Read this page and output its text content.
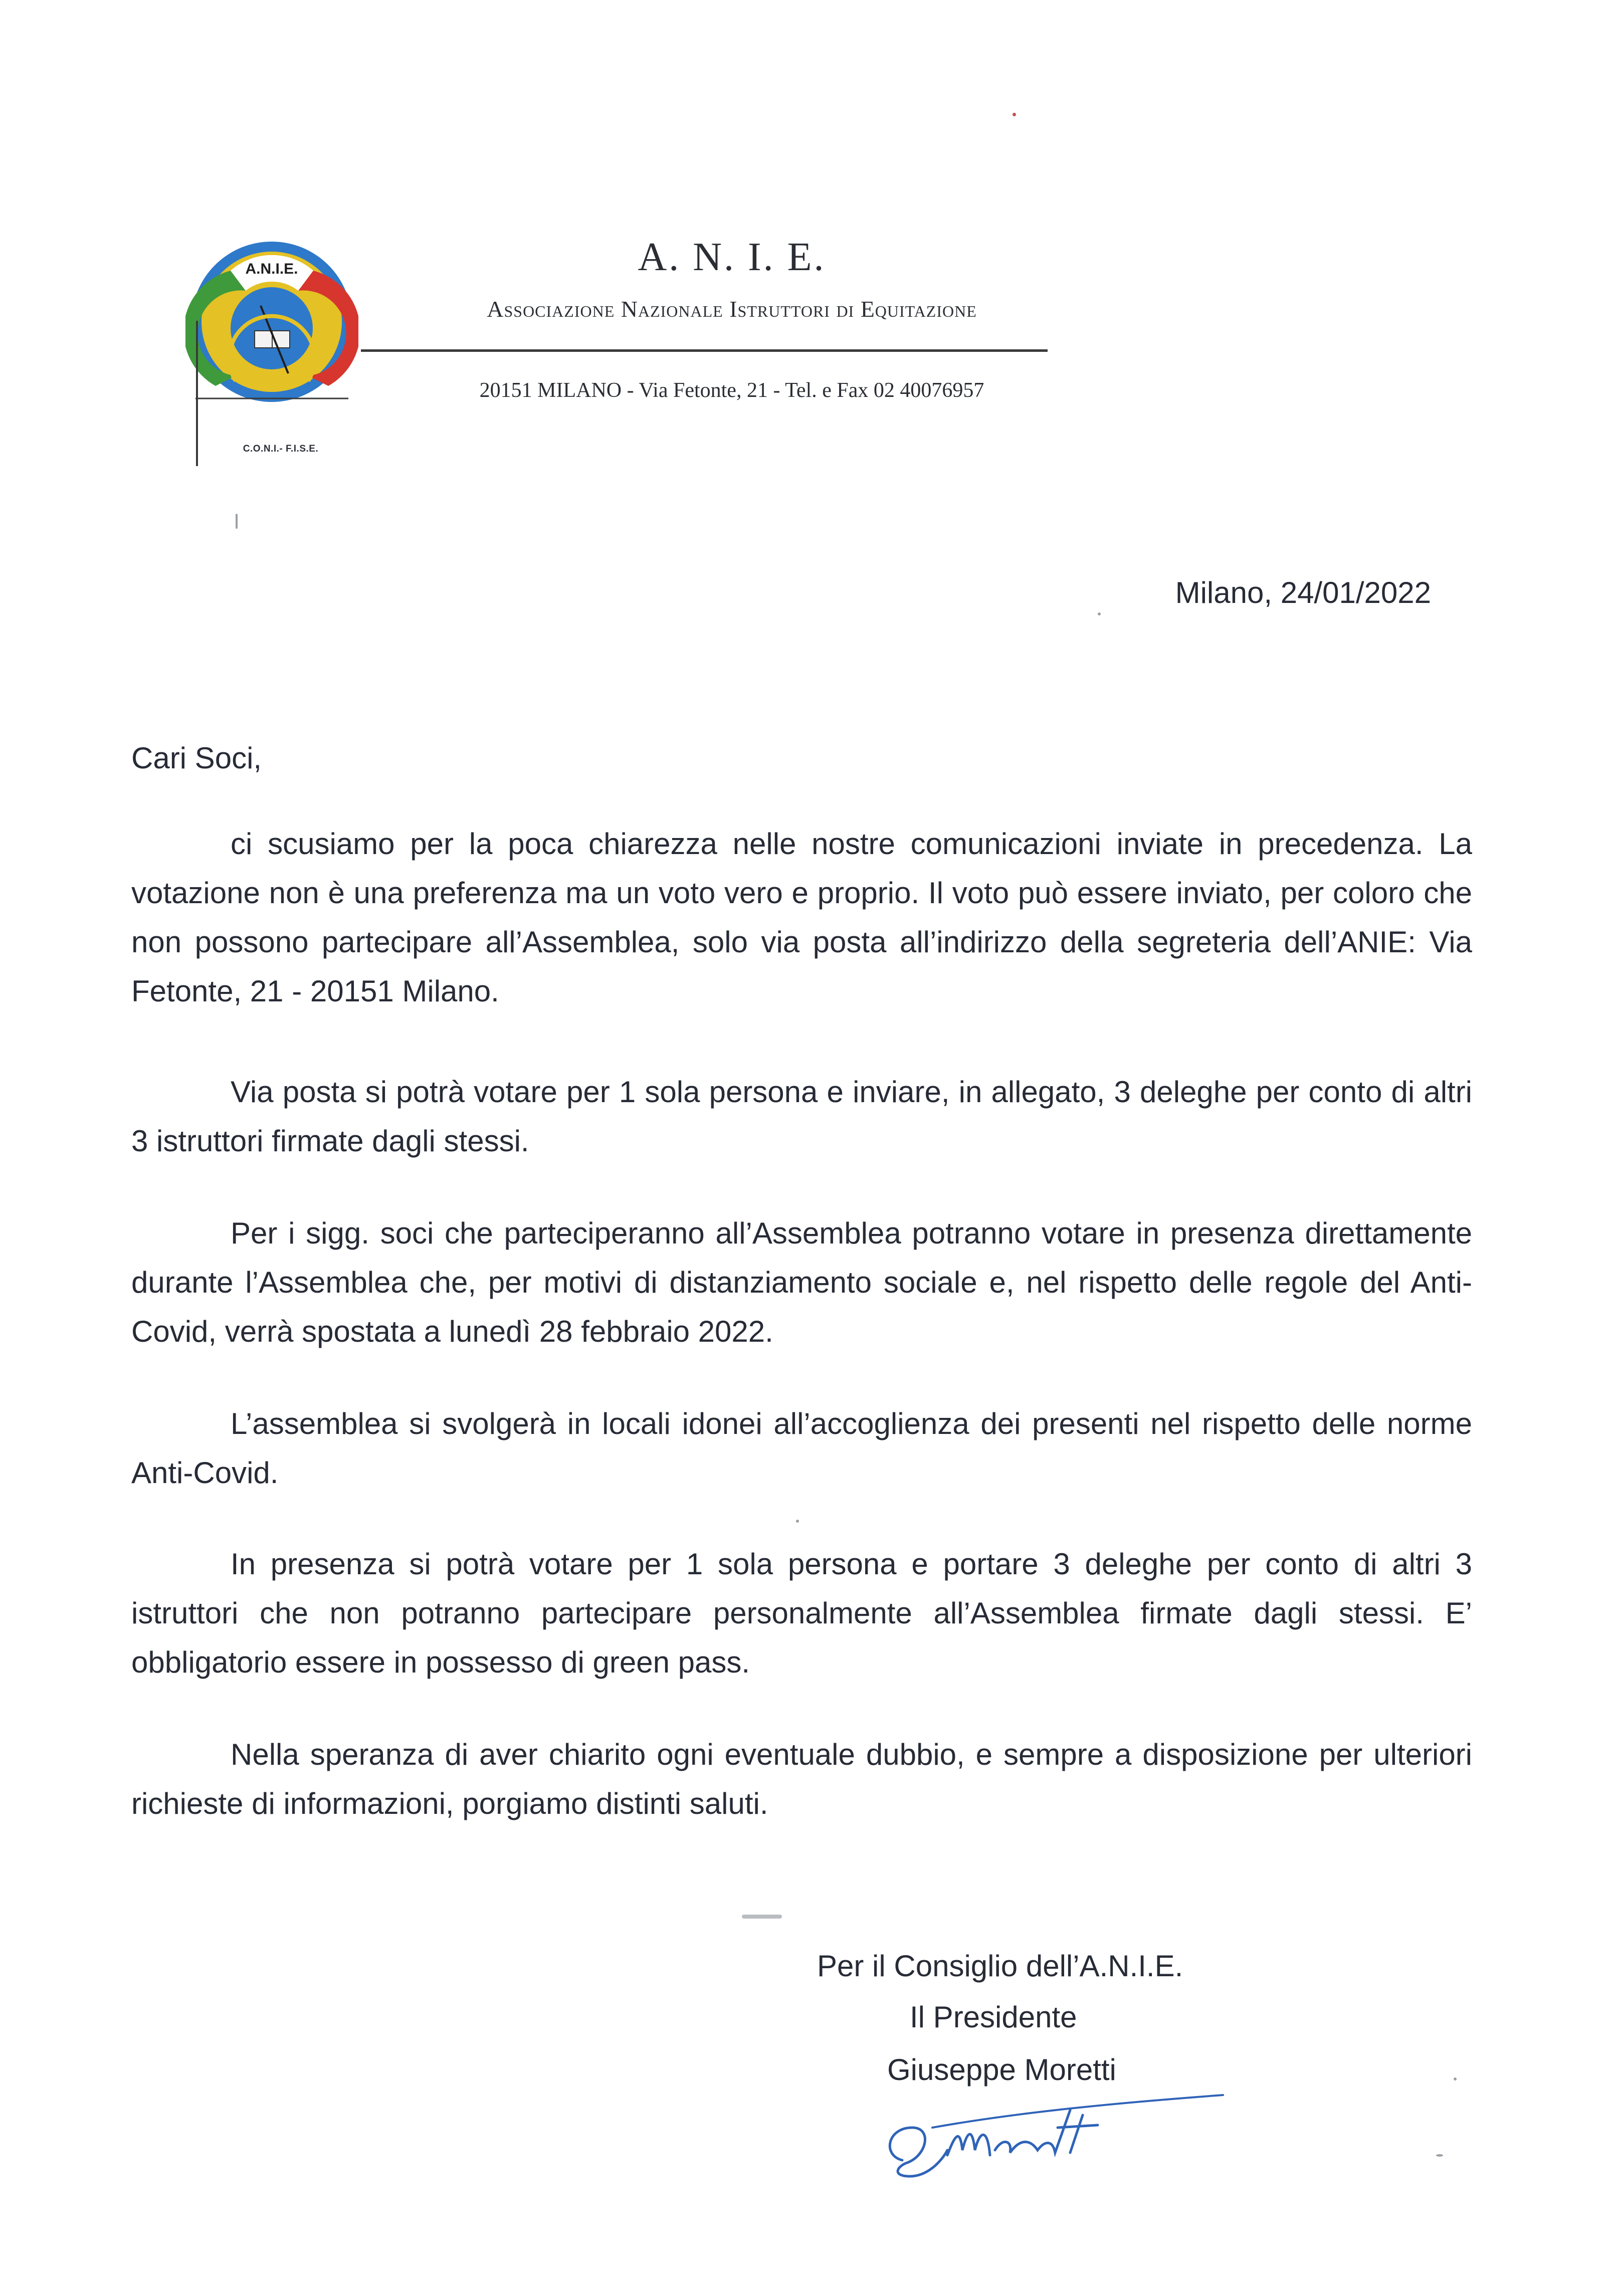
A.N.I.E.
C.O.N.I.- F.I.S.E.
A. N. I. E.
Associazione Nazionale Istruttori di Equitazione
20151 MILANO - Via Fetonte, 21 - Tel. e Fax 02 40076957
Milano, 24/01/2022
Cari Soci,

ci scusiamo per la poca chiarezza nelle nostre comunicazioni inviate in precedenza. La votazione non è una preferenza ma un voto vero e proprio. Il voto può essere inviato, per coloro che non possono partecipare all’Assemblea, solo via posta all’indirizzo della segreteria dell’ANIE: Via Fetonte, 21 - 20151 Milano.

Via posta si potrà votare per 1 sola persona e inviare, in allegato, 3 deleghe per conto di altri 3 istruttori firmate dagli stessi.

Per i sigg. soci che parteciperanno all’Assemblea potranno votare in presenza direttamente durante l’Assemblea che, per motivi di distanziamento sociale e, nel rispetto delle regole del Anti-Covid, verrà spostata a lunedì 28 febbraio 2022.

L’assemblea si svolgerà in locali idonei all’accoglienza dei presenti nel rispetto delle norme Anti-Covid.

In presenza si potrà votare per 1 sola persona e portare 3 deleghe per conto di altri 3 istruttori che non potranno partecipare personalmente all’Assemblea firmate dagli stessi. E’ obbligatorio essere in possesso di green pass.

Nella speranza di aver chiarito ogni eventuale dubbio, e sempre a disposizione per ulteriori richieste di informazioni, porgiamo distinti saluti.

Per il Consiglio dell’A.N.I.E.
Il Presidente
Giuseppe Moretti
